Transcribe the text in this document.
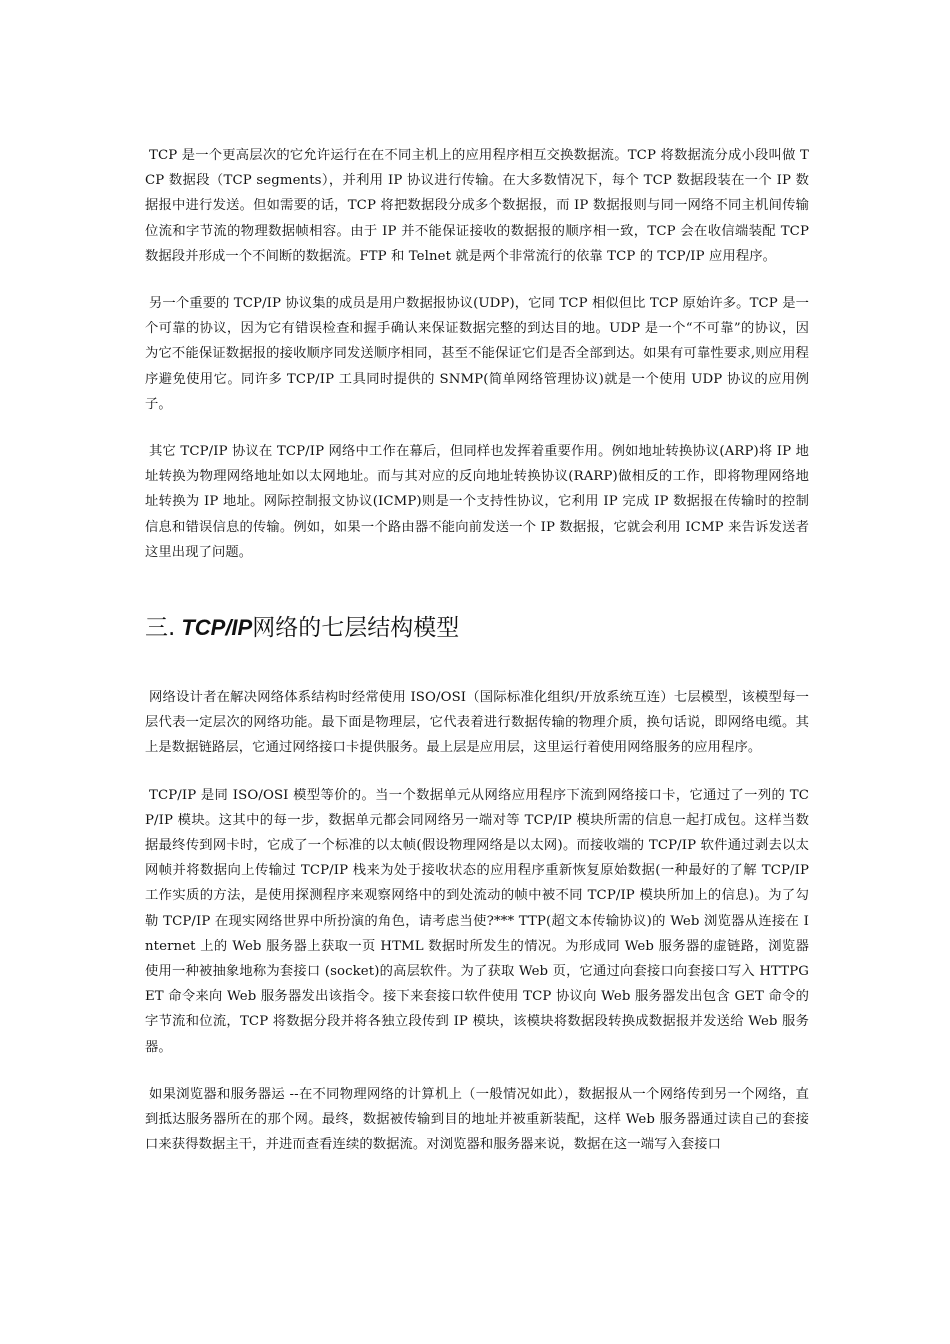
TCP 是一个更高层次的它允许运行在在不同主机上的应用程序相互交换数据流。TCP 将数据流分成小段叫做 TCP 数据段（TCP segments），并利用 IP 协议进行传输。在大多数情况下，每个 TCP 数据段装在一个 IP 数据报中进行发送。但如需要的话，TCP 将把数据段分成多个数据报，而 IP 数据报则与同一网络不同主机间传输位流和字节流的物理数据帧相容。由于 IP 并不能保证接收的数据报的顺序相一致，TCP 会在收信端装配 TCP 数据段并形成一个不间断的数据流。FTP 和 Telnet 就是两个非常流行的依靠 TCP 的 TCP/IP 应用程序。

另一个重要的 TCP/IP 协议集的成员是用户数据报协议(UDP)，它同 TCP 相似但比 TCP 原始许多。TCP 是一个可靠的协议，因为它有错误检查和握手确认来保证数据完整的到达目的地。UDP 是一个“不可靠”的协议，因为它不能保证数据报的接收顺序同发送顺序相同，甚至不能保证它们是否全部到达。如果有可靠性要求,则应用程序避免使用它。同许多 TCP/IP 工具同时提供的 SNMP(简单网络管理协议)就是一个使用 UDP 协议的应用例子。

其它 TCP/IP 协议在 TCP/IP 网络中工作在幕后，但同样也发挥着重要作用。例如地址转换协议(ARP)将 IP 地址转换为物理网络地址如以太网地址。而与其对应的反向地址转换协议(RARP)做相反的工作，即将物理网络地址转换为 IP 地址。网际控制报文协议(ICMP)则是一个支持性协议，它利用 IP 完成 IP 数据报在传输时的控制信息和错误信息的传输。例如，如果一个路由器不能向前发送一个 IP 数据报，它就会利用 ICMP 来告诉发送者这里出现了问题。

三. TCP/IP 网络的七层结构模型

网络设计者在解决网络体系结构时经常使用 ISO/OSI（国际标准化组织/开放系统互连）七层模型，该模型每一层代表一定层次的网络功能。最下面是物理层，它代表着进行数据传输的物理介质，换句话说，即网络电缆。其上是数据链路层，它通过网络接口卡提供服务。最上层是应用层，这里运行着使用网络服务的应用程序。

TCP/IP 是同 ISO/OSI 模型等价的。当一个数据单元从网络应用程序下流到网络接口卡，它通过了一列的 TCP/IP 模块。这其中的每一步，数据单元都会同网络另一端对等 TCP/IP 模块所需的信息一起打成包。这样当数据最终传到网卡时，它成了一个标准的以太帧(假设物理网络是以太网)。而接收端的 TCP/IP 软件通过剥去以太网帧并将数据向上传输过 TCP/IP 栈来为处于接收状态的应用程序重新恢复原始数据(一种最好的了解 TCP/IP 工作实质的方法，是使用探测程序来观察网络中的到处流动的帧中被不同 TCP/IP 模块所加上的信息)。为了勾勒 TCP/IP 在现实网络世界中所扮演的角色，请考虑当使?*** TTP(超文本传输协议)的 Web 浏览器从连接在 Internet 上的 Web 服务器上获取一页 HTML 数据时所发生的情况。为形成同 Web 服务器的虚链路，浏览器使用一种被抽象地称为套接口 (socket)的高层软件。为了获取 Web 页，它通过向套接口向套接口写入 HTTPGET 命令来向 Web 服务器发出该指令。接下来套接口软件使用 TCP 协议向 Web 服务器发出包含 GET 命令的字节流和位流，TCP 将数据分段并将各独立段传到 IP 模块，该模块将数据段转换成数据报并发送给 Web 服务器。

如果浏览器和服务器运 --在不同物理网络的计算机上（一般情况如此），数据报从一个网络传到另一个网络，直到抵达服务器所在的那个网。最终，数据被传输到目的地址并被重新装配，这样 Web 服务器通过读自己的套接口来获得数据主干，并进而查看连续的数据流。对浏览器和服务器来说，数据在这一端写入套接口
